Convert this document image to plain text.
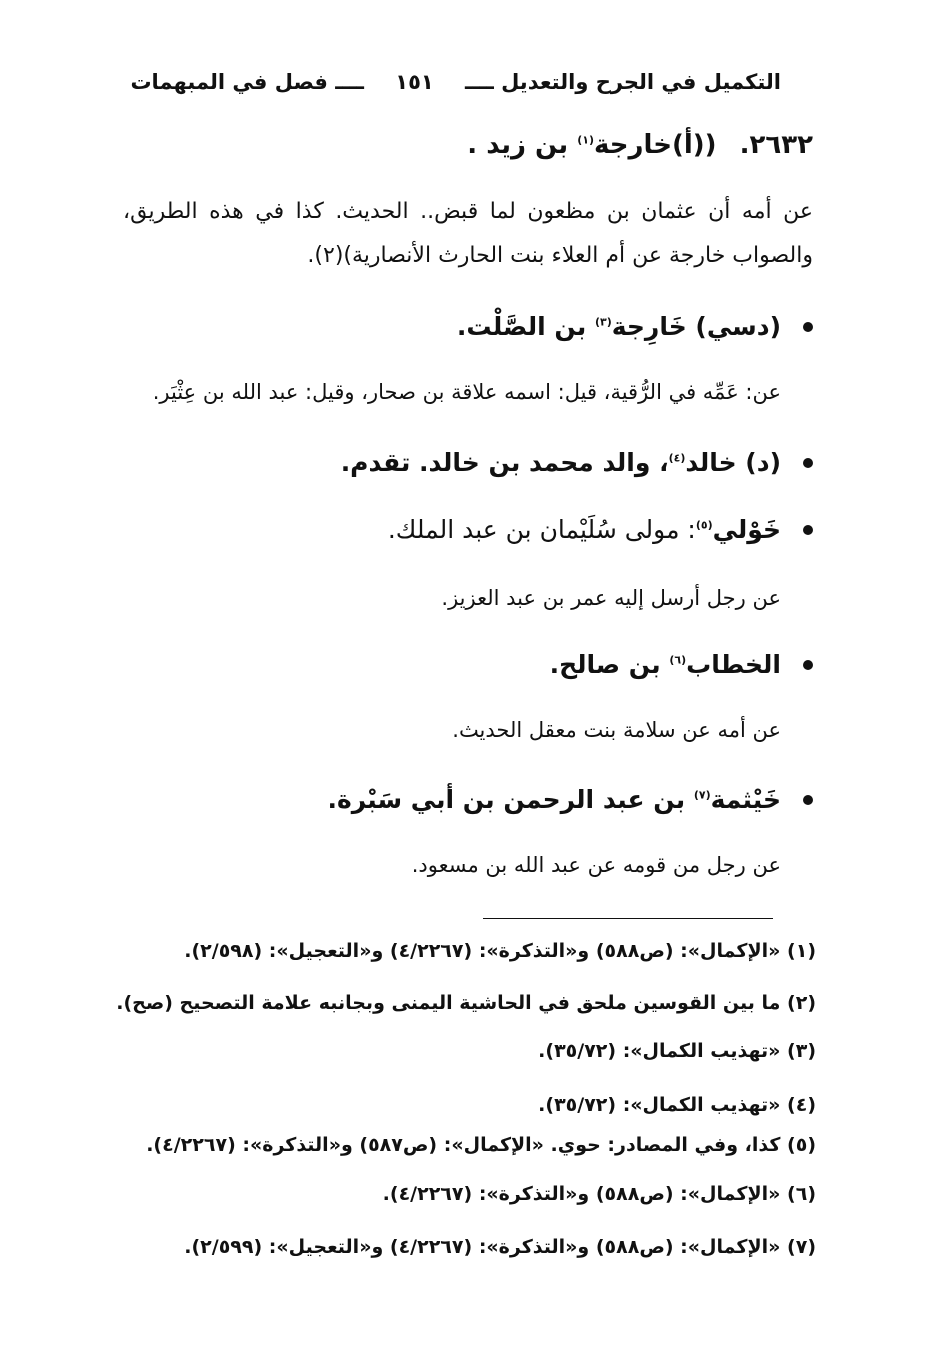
التكميل في الجرح والتعديل ــــ ١٥١ ــــ فصل في المبهمات
٢٦٣٢. ((أ)خارجة$^{(١)}$ بن زيد .
عن أمه أن عثمان بن مظعون لما قبض.. الحديث. كذا في هذه الطريق، والصواب خارجة عن أم العلاء بنت الحارث الأنصارية)(٢).
(دسي) خَارِجة$^{(٣)}$ بن الصَّلْت.
عن: عَمِّه في الرُّقية، قيل: اسمه علاقة بن صحار، وقيل: عبد الله بن عِثْيَر.
(د) خالد$^{(٤)}$، والد محمد بن خالد. تقدم.
خَوْلي$^{(٥)}$: مولى سُلَيْمان بن عبد الملك.
عن رجل أرسل إليه عمر بن عبد العزيز.
الخطاب$^{(٦)}$ بن صالح.
عن أمه عن سلامة بنت معقل الحديث.
خَيْثمة$^{(٧)}$ بن عبد الرحمن بن أبي سَبْرة.
عن رجل من قومه عن عبد الله بن مسعود.
(١) «الإكمال»: (ص٥٨٨) و«التذكرة»: (٤/٢٢٦٧) و«التعجيل»: (٢/٥٩٨).
(٢) ما بين القوسين ملحق في الحاشية اليمنى وبجانبه علامة التصحيح (صح).
(٣) «تهذيب الكمال»: (٣٥/٧٢).
(٤) «تهذيب الكمال»: (٣٥/٧٢).
(٥) كذا، وفي المصادر: حوي. «الإكمال»: (ص٥٨٧) و«التذكرة»: (٤/٢٢٦٧).
(٦) «الإكمال»: (ص٥٨٨) و«التذكرة»: (٤/٢٢٦٧).
(٧) «الإكمال»: (ص٥٨٨) و«التذكرة»: (٤/٢٢٦٧) و«التعجيل»: (٢/٥٩٩).
